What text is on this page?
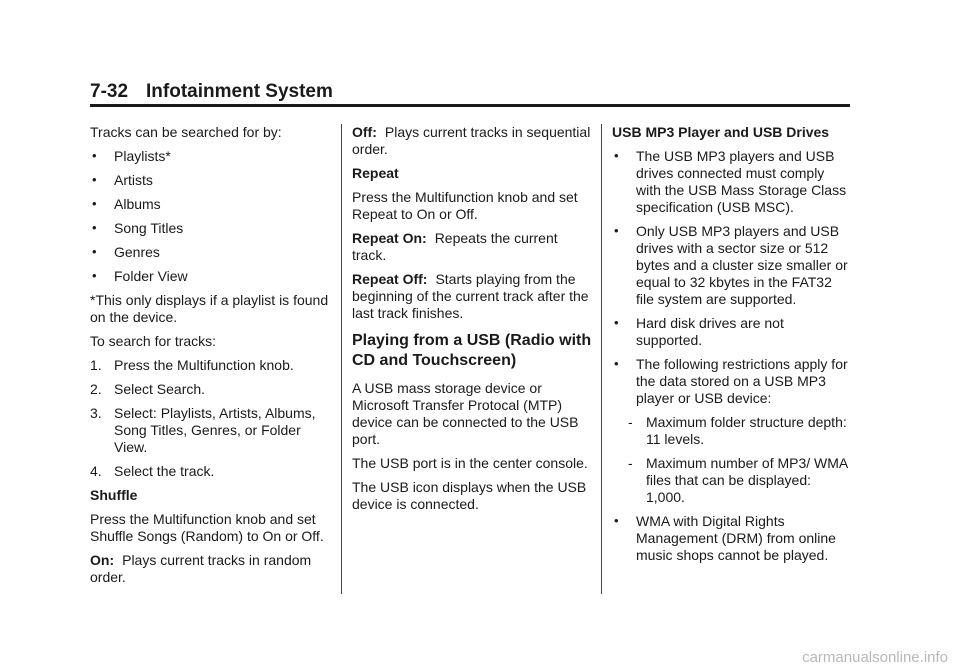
7-32 Infotainment System

Tracks can be searched for by:

• Playlists*
• Artists
• Albums
• Song Titles
• Genres
• Folder View

*This only displays if a playlist is found on the device.

To search for tracks:

1. Press the Multifunction knob.
2. Select Search.
3. Select: Playlists, Artists, Albums, Song Titles, Genres, or Folder View.
4. Select the track.

Shuffle

Press the Multifunction knob and set Shuffle Songs (Random) to On or Off.

On: Plays current tracks in random order.

Off: Plays current tracks in sequential order.

Repeat

Press the Multifunction knob and set Repeat to On or Off.

Repeat On: Repeats the current track.

Repeat Off: Starts playing from the beginning of the current track after the last track finishes.

Playing from a USB (Radio with CD and Touchscreen)

A USB mass storage device or Microsoft Transfer Protocal (MTP) device can be connected to the USB port.

The USB port is in the center console.

The USB icon displays when the USB device is connected.

USB MP3 Player and USB Drives

• The USB MP3 players and USB drives connected must comply with the USB Mass Storage Class specification (USB MSC).
• Only USB MP3 players and USB drives with a sector size or 512 bytes and a cluster size smaller or equal to 32 kbytes in the FAT32 file system are supported.
• Hard disk drives are not supported.
• The following restrictions apply for the data stored on a USB MP3 player or USB device:
- Maximum folder structure depth: 11 levels.
- Maximum number of MP3/ WMA files that can be displayed: 1,000.
• WMA with Digital Rights Management (DRM) from online music shops cannot be played.
carmanualsonline.info
